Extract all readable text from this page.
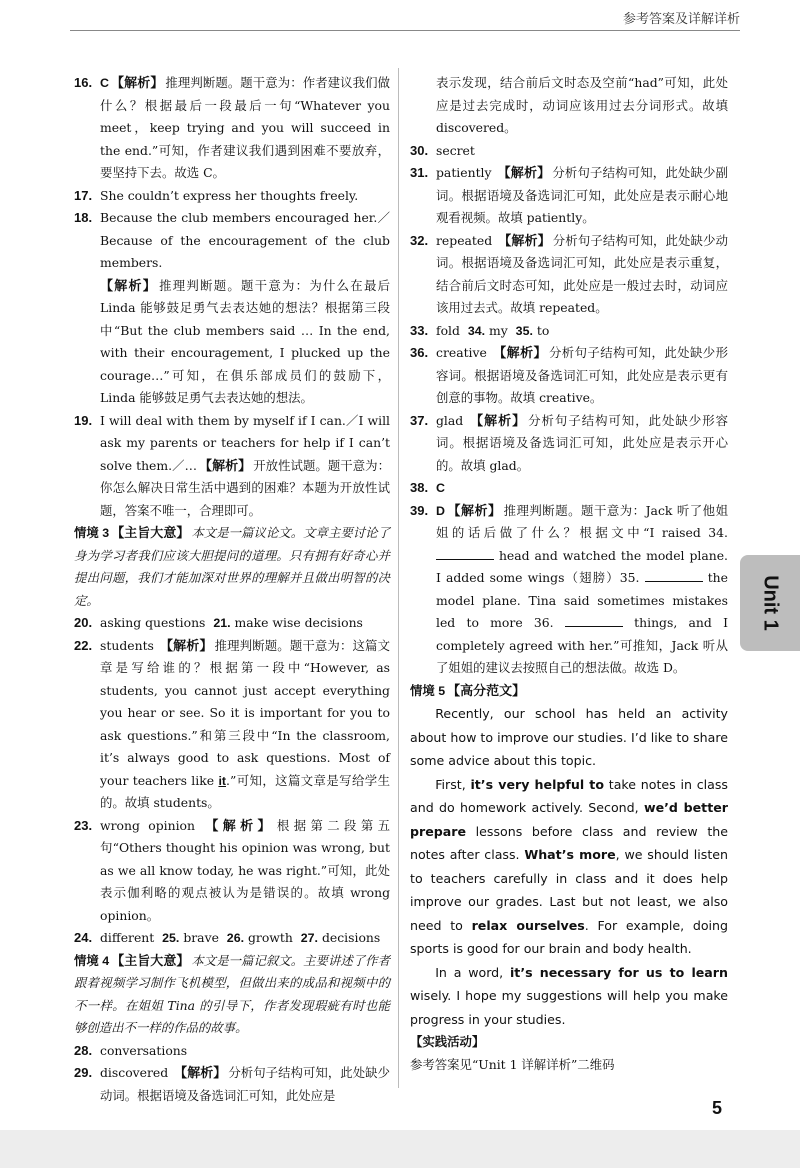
参考答案及详解详析
16. C 【解析】 推理判断题。题干意为：作者建议我们做什么？根据最后一段最后一句“Whatever you meet，keep trying and you will succeed in the end.”可知，作者建议我们遇到困难不要放弃，要坚持下去。故选 C。
17. She couldn’t express her thoughts freely.
18. Because the club members encouraged her.／Because of the encouragement of the club members.
【解析】 推理判断题。题干意为：为什么在最后 Linda 能够鼓足勇气去表达她的想法？根据第三段中“But the club members said … In the end, with their encouragement, I plucked up the courage…”可知，在俱乐部成员们的鼓励下，Linda 能够鼓足勇气去表达她的想法。
19. I will deal with them by myself if I can.／I will ask my parents or teachers for help if I can’t solve them.／… 【解析】 开放性试题。题干意为：你怎么解决日常生活中遇到的困难？本题为开放性试题，答案不唯一，合理即可。
情境 3 【主旨大意】 本文是一篇议论文。文章主要讨论了身为学习者我们应该大胆提问的道理。只有拥有好奇心并提出问题，我们才能加深对世界的理解并且做出明智的决定。
20. asking questions 21. make wise decisions
22. students 【解析】 推理判断题。题干意为：这篇文章是写给谁的？根据第一段中“However, as students, you cannot just accept everything you hear or see. So it is important for you to ask questions.”和第三段中“In the classroom, it’s always good to ask questions. Most of your teachers like it.”可知，这篇文章是写给学生的。故填 students。
23. wrong opinion 【解析】 根据第二段第五句“Others thought his opinion was wrong, but as we all know today, he was right.”可知，此处表示伽利略的观点被认为是错误的。故填 wrong opinion。
24. different 25. brave 26. growth 27. decisions
情境 4 【主旨大意】 本文是一篇记叙文。主要讲述了作者跟着视频学习制作飞机模型，但做出来的成品和视频中的不一样。在姐姐 Tina 的引导下，作者发现瑕疵有时也能够创造出不一样的作品的故事。
28. conversations
29. discovered 【解析】 分析句子结构可知，此处缺少动词。根据语境及备选词汇可知，此处应是
表示发现，结合前后文时态及空前“had”可知，此处应是过去完成时，动词应该用过去分词形式。故填 discovered。
30. secret
31. patiently 【解析】 分析句子结构可知，此处缺少副词。根据语境及备选词汇可知，此处应是表示耐心地观看视频。故填 patiently。
32. repeated 【解析】 分析句子结构可知，此处缺少动词。根据语境及备选词汇可知，此处应是表示重复，结合前后文时态可知，此处应是一般过去时，动词应该用过去式。故填 repeated。
33. fold 34. my 35. to
36. creative 【解析】 分析句子结构可知，此处缺少形容词。根据语境及备选词汇可知，此处应是表示更有创意的事物。故填 creative。
37. glad 【解析】 分析句子结构可知，此处缺少形容词。根据语境及备选词汇可知，此处应是表示开心的。故填 glad。
38. C
39. D 【解析】 推理判断题。题干意为：Jack 听了他姐姐的话后做了什么？根据文中“I raised 34.  head and watched the model plane. I added some wings（翅膀）35.	the model plane. Tina said sometimes mistakes led to more 36.	things, and I completely agreed with her.”可推知，Jack 听从了姐姐的建议去按照自己的想法做。故选 D。
情境 5 【高分范文】

Recently, our school has held an activity about how to improve our studies. I’d like to share some advice about this topic.

First, it’s very helpful to take notes in class and do homework actively. Second, we’d better prepare lessons before class and review the notes after class. What’s more, we should listen to teachers carefully in class and it does help improve our grades. Last but not least, we also need to relax ourselves. For example, doing sports is good for our brain and body health.

In a word, it’s necessary for us to learn wisely. I hope my suggestions will help you make progress in your studies.

【实践活动】
参考答案见“Unit 1 详解详析”二维码
Unit 1
5
